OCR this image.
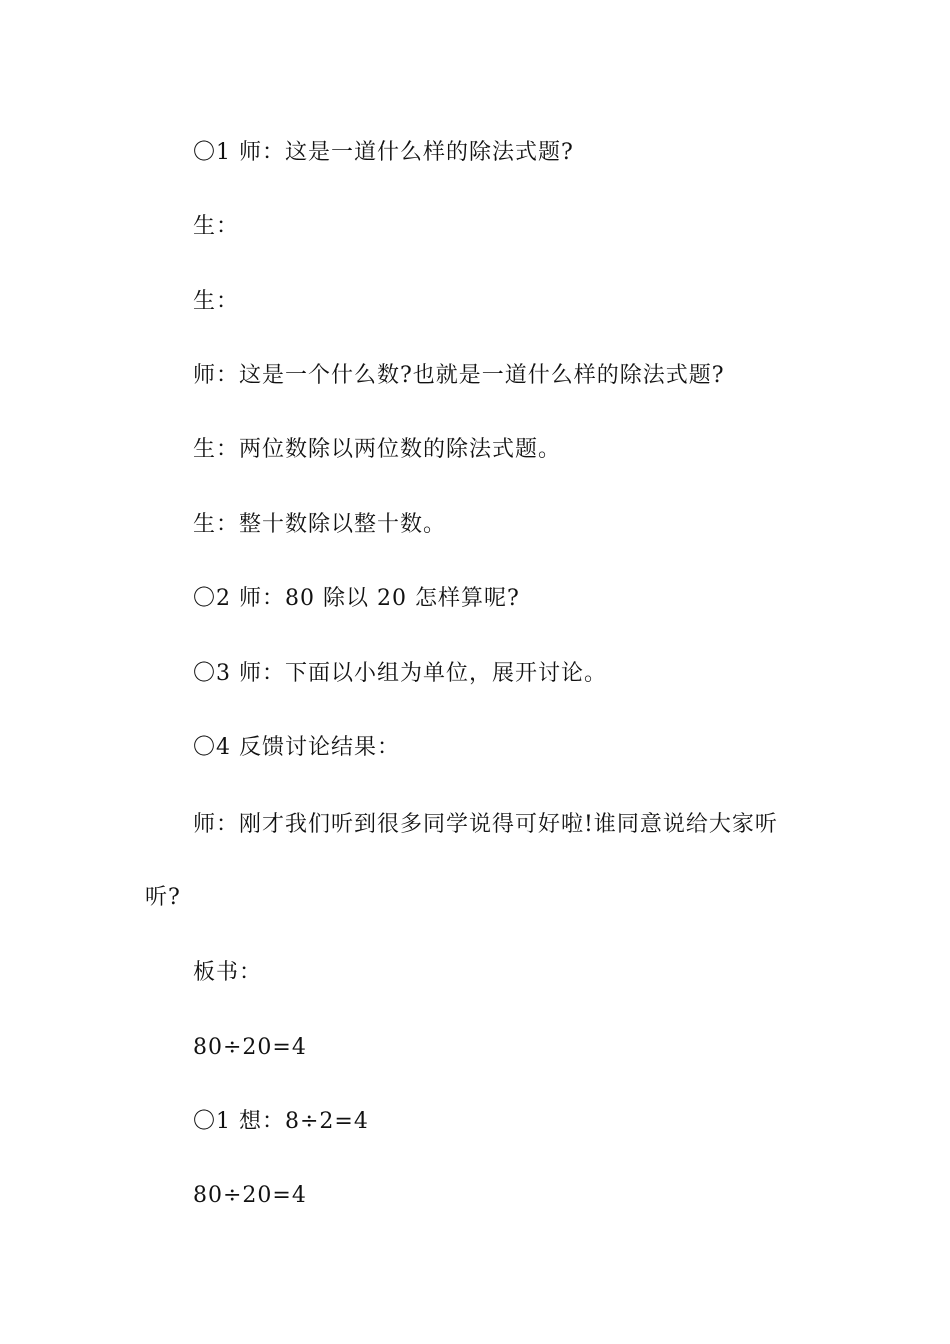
〇1 师：这是一道什么样的除法式题?
生：
生：
师：这是一个什么数?也就是一道什么样的除法式题?
生：两位数除以两位数的除法式题。
生：整十数除以整十数。
〇2 师：80 除以 20 怎样算呢?
〇3 师：下面以小组为单位，展开讨论。
〇4 反馈讨论结果：
师：刚才我们听到很多同学说得可好啦!谁同意说给大家听
听?
板书：
80÷20=4
〇1 想：8÷2=4
80÷20=4
